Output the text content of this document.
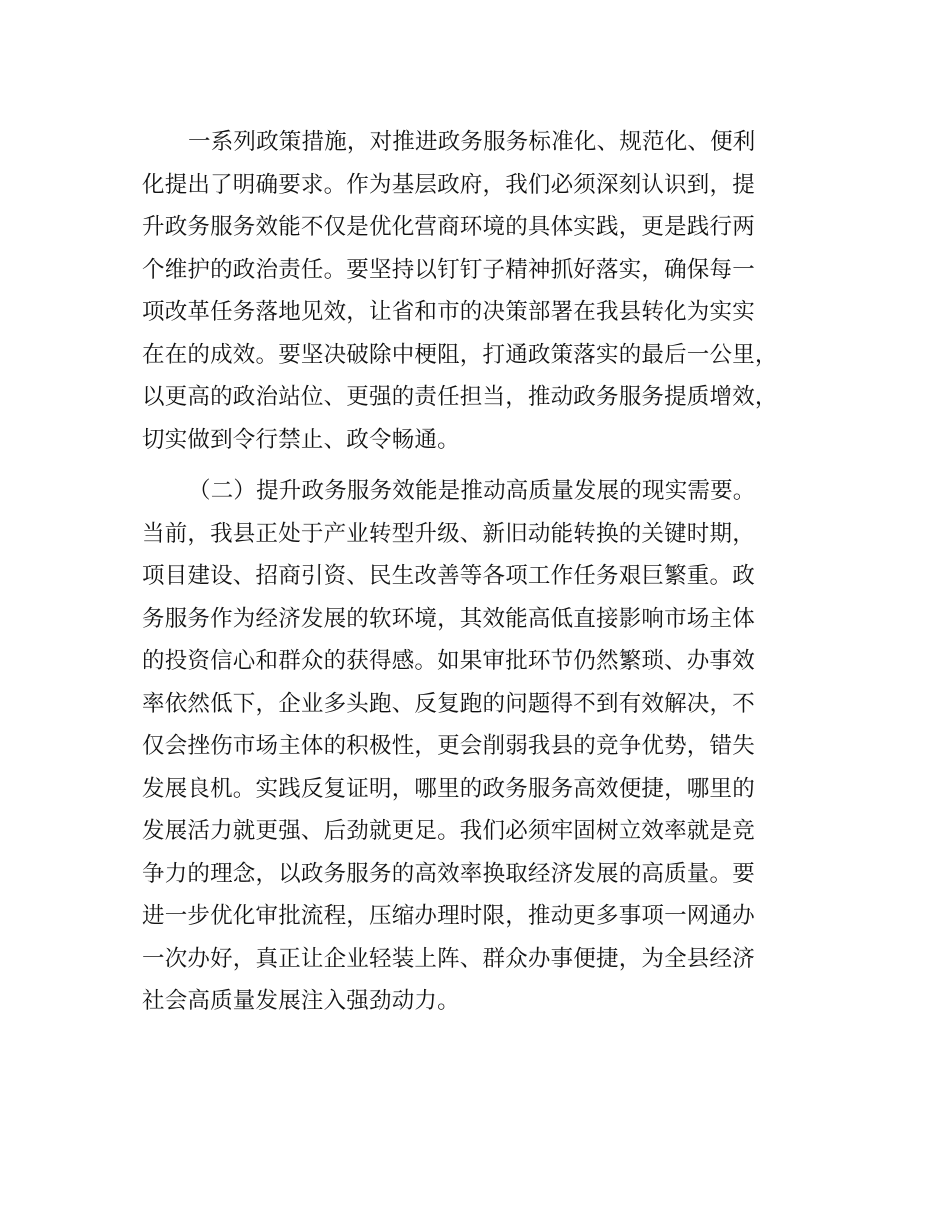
一系列政策措施，对推进政务服务标准化、规范化、便利
化提出了明确要求。作为基层政府，我们必须深刻认识到，提
升政务服务效能不仅是优化营商环境的具体实践，更是践行两
个维护的政治责任。要坚持以钉钉子精神抓好落实，确保每一
项改革任务落地见效，让省和市的决策部署在我县转化为实实
在在的成效。要坚决破除中梗阻，打通政策落实的最后一公里，
以更高的政治站位、更强的责任担当，推动政务服务提质增效，
切实做到令行禁止、政令畅通。
（二）提升政务服务效能是推动高质量发展的现实需要。
当前，我县正处于产业转型升级、新旧动能转换的关键时期，
项目建设、招商引资、民生改善等各项工作任务艰巨繁重。政
务服务作为经济发展的软环境，其效能高低直接影响市场主体
的投资信心和群众的获得感。如果审批环节仍然繁琐、办事效
率依然低下，企业多头跑、反复跑的问题得不到有效解决，不
仅会挫伤市场主体的积极性，更会削弱我县的竞争优势，错失
发展良机。实践反复证明，哪里的政务服务高效便捷，哪里的
发展活力就更强、后劲就更足。我们必须牢固树立效率就是竞
争力的理念，以政务服务的高效率换取经济发展的高质量。要
进一步优化审批流程，压缩办理时限，推动更多事项一网通办
一次办好，真正让企业轻装上阵、群众办事便捷，为全县经济
社会高质量发展注入强劲动力。
